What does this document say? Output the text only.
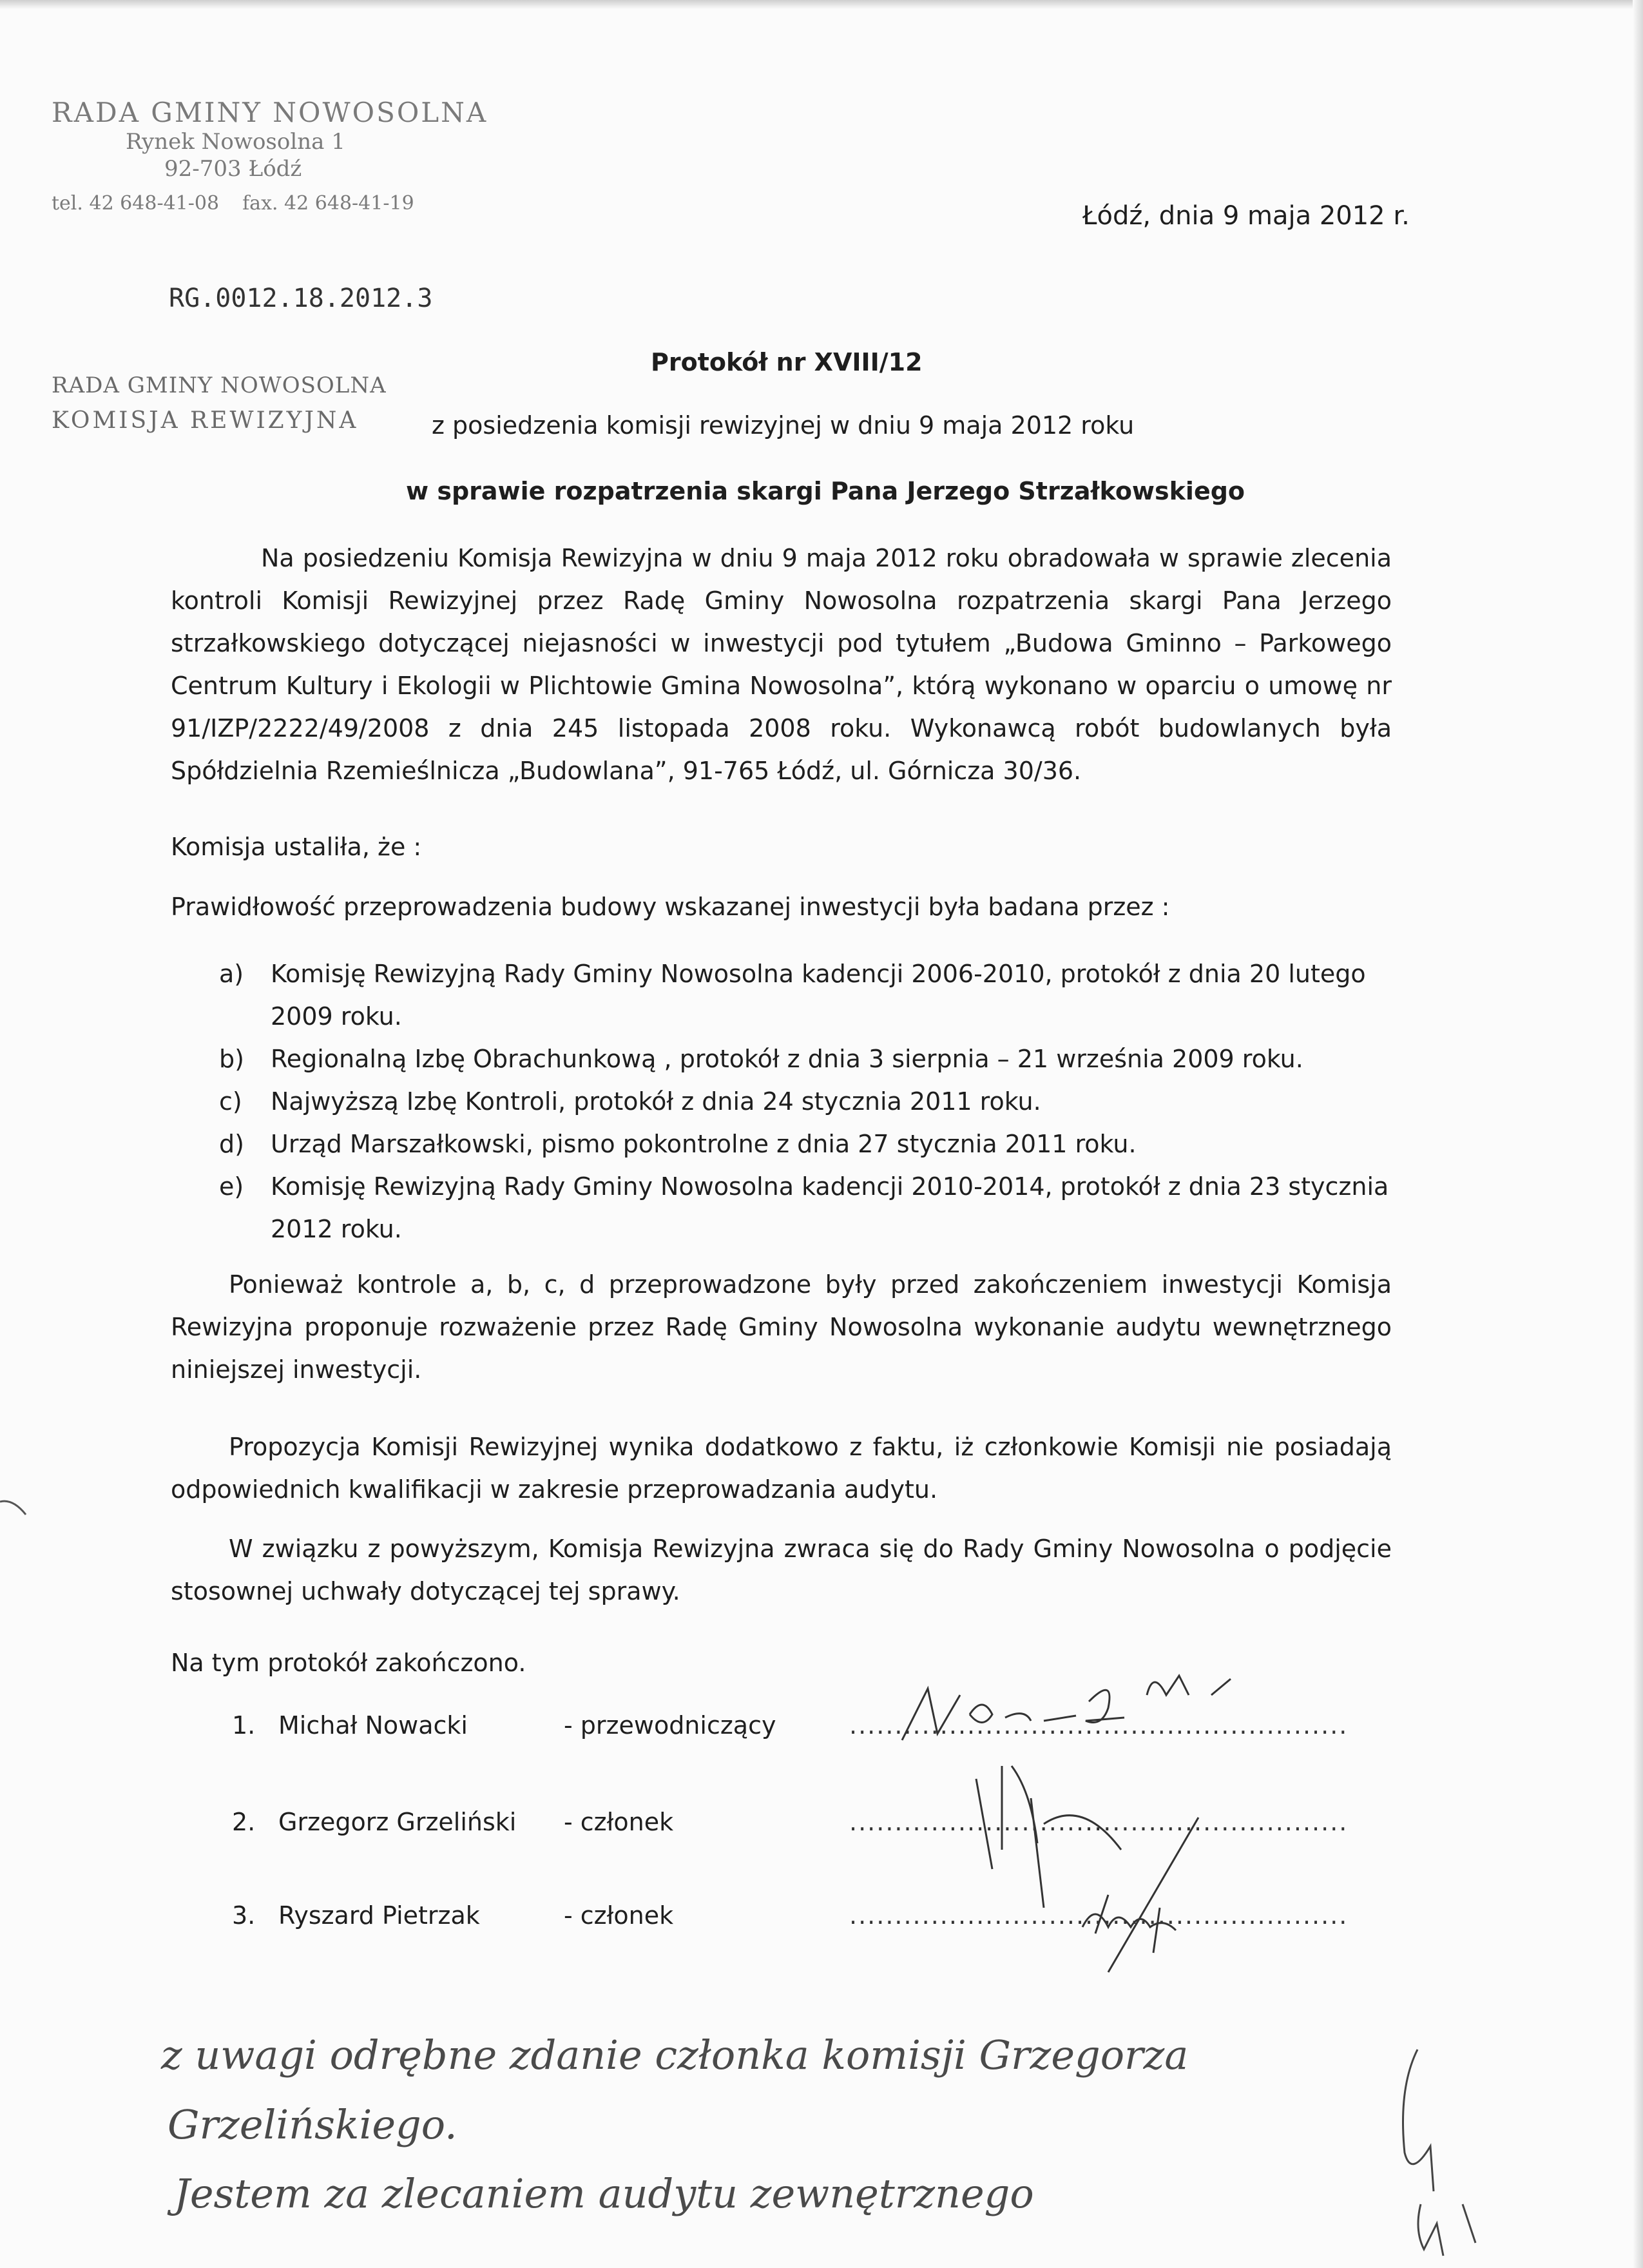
RADA GMINY NOWOSOLNA
Rynek Nowosolna 1
92-703 Łódź
tel. 42 648-41-08 fax. 42 648-41-19	Łódź, dnia 9 maja 2012 r.
RG.0012.18.2012.3
RADA GMINY NOWOSOLNA
KOMISJA REWIZYJNA
Protokół nr XVIII/12
z posiedzenia komisji rewizyjnej w dniu 9 maja 2012 roku
w sprawie rozpatrzenia skargi Pana Jerzego Strzałkowskiego

Na posiedzeniu Komisja Rewizyjna w dniu 9 maja 2012 roku obradowała w sprawie zlecenia kontroli Komisji Rewizyjnej przez Radę Gminy Nowosolna rozpatrzenia skargi Pana Jerzego strzałkowskiego dotyczącej niejasności w inwestycji pod tytułem „Budowa Gminno – Parkowego Centrum Kultury i Ekologii w Plichtowie Gmina Nowosolna”, którą wykonano w oparciu o umowę nr 91/IZP/2222/49/2008 z dnia 245 listopada 2008 roku. Wykonawcą robót budowlanych była Spółdzielnia Rzemieślnicza „Budowlana”, 91-765 Łódź, ul. Górnicza 30/36.

Komisja ustaliła, że :

Prawidłowość przeprowadzenia budowy wskazanej inwestycji była badana przez :

a) Komisję Rewizyjną Rady Gminy Nowosolna kadencji 2006-2010, protokół z dnia 20 lutego 2009 roku.
b) Regionalną Izbę Obrachunkową , protokół z dnia 3 sierpnia – 21 września 2009 roku.
c) Najwyższą Izbę Kontroli, protokół z dnia 24 stycznia 2011 roku.
d) Urząd Marszałkowski, pismo pokontrolne z dnia 27 stycznia 2011 roku.
e) Komisję Rewizyjną Rady Gminy Nowosolna kadencji 2010-2014, protokół z dnia 23 stycznia 2012 roku.

Ponieważ kontrole a, b, c, d przeprowadzone były przed zakończeniem inwestycji Komisja Rewizyjna proponuje rozważenie przez Radę Gminy Nowosolna wykonanie audytu wewnętrznego niniejszej inwestycji.

Propozycja Komisji Rewizyjnej wynika dodatkowo z faktu, iż członkowie Komisji nie posiadają odpowiednich kwalifikacji w zakresie przeprowadzania audytu.

W związku z powyższym, Komisja Rewizyjna zwraca się do Rady Gminy Nowosolna o podjęcie stosownej uchwały dotyczącej tej sprawy.

Na tym protokół zakończono.

1. Michał Nowacki	- przewodniczący	.......................................................
2. Grzegorz Grzeliński - członek	.......................................................
3. Ryszard Pietrzak	- członek	.......................................................
z uwagi odrębne zdanie członka komisji Grzegorza
Grzelińskiego.
Jestem za zlecaniem audytu zewnętrznego
